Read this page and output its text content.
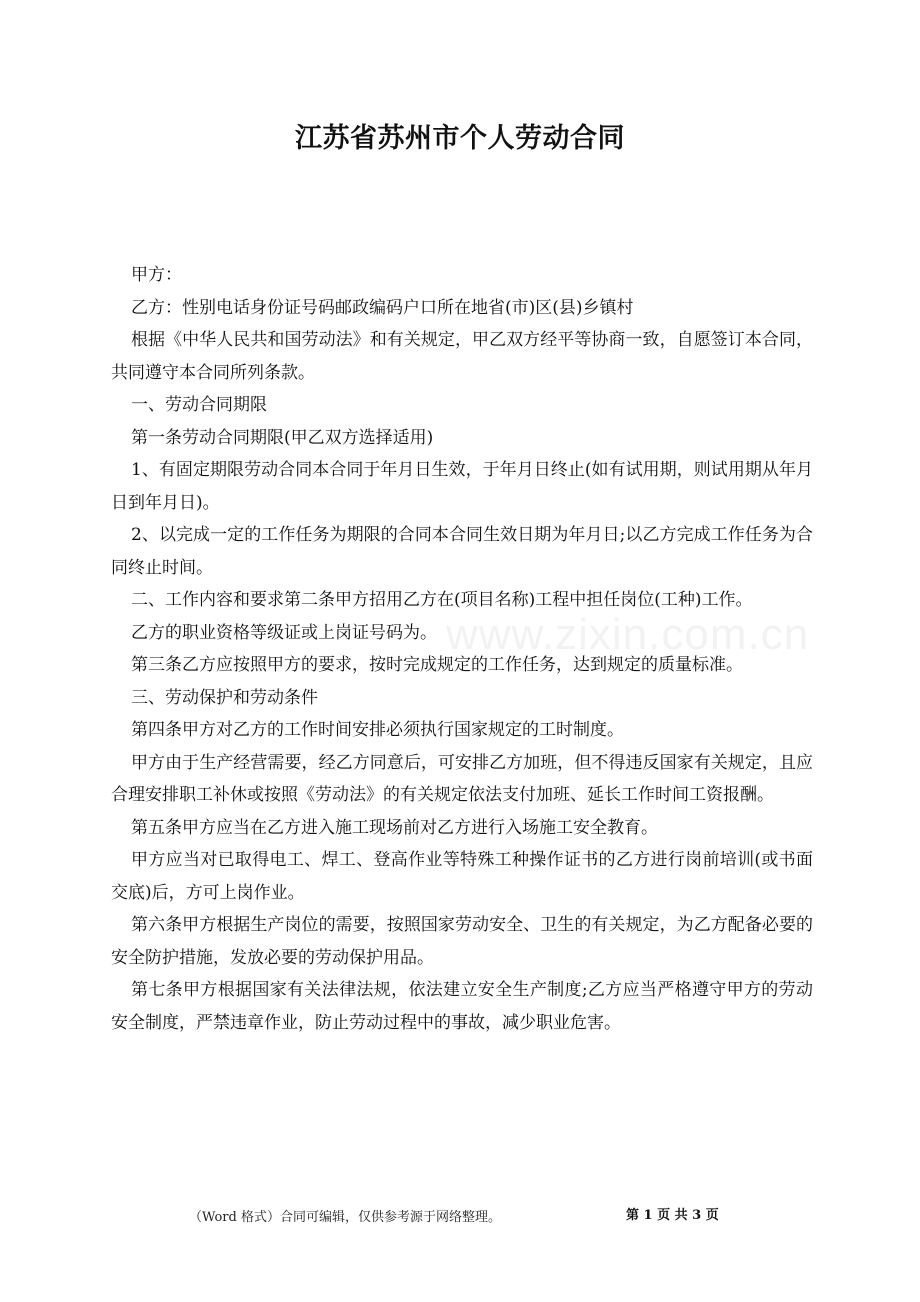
江苏省苏州市个人劳动合同
www.zixin.com.cn

甲方：

乙方：性别电话身份证号码邮政编码户口所在地省(市)区(县)乡镇村

根据《中华人民共和国劳动法》和有关规定，甲乙双方经平等协商一致，自愿签订本合同，共同遵守本合同所列条款。

一、劳动合同期限

第一条劳动合同期限(甲乙双方选择适用)

1、有固定期限劳动合同本合同于年月日生效，于年月日终止(如有试用期，则试用期从年月日到年月日)。

2、以完成一定的工作任务为期限的合同本合同生效日期为年月日;以乙方完成工作任务为合同终止时间。

二、工作内容和要求第二条甲方招用乙方在(项目名称)工程中担任岗位(工种)工作。

乙方的职业资格等级证或上岗证号码为。

第三条乙方应按照甲方的要求，按时完成规定的工作任务，达到规定的质量标准。

三、劳动保护和劳动条件

第四条甲方对乙方的工作时间安排必须执行国家规定的工时制度。

甲方由于生产经营需要，经乙方同意后，可安排乙方加班，但不得违反国家有关规定，且应合理安排职工补休或按照《劳动法》的有关规定依法支付加班、延长工作时间工资报酬。

第五条甲方应当在乙方进入施工现场前对乙方进行入场施工安全教育。

甲方应当对已取得电工、焊工、登高作业等特殊工种操作证书的乙方进行岗前培训(或书面交底)后，方可上岗作业。

第六条甲方根据生产岗位的需要，按照国家劳动安全、卫生的有关规定，为乙方配备必要的安全防护措施，发放必要的劳动保护用品。

第七条甲方根据国家有关法律法规，依法建立安全生产制度;乙方应当严格遵守甲方的劳动安全制度，严禁违章作业，防止劳动过程中的事故，减少职业危害。

（Word 格式）合同可编辑，仅供参考源于网络整理。	第 1 页 共 3 页
